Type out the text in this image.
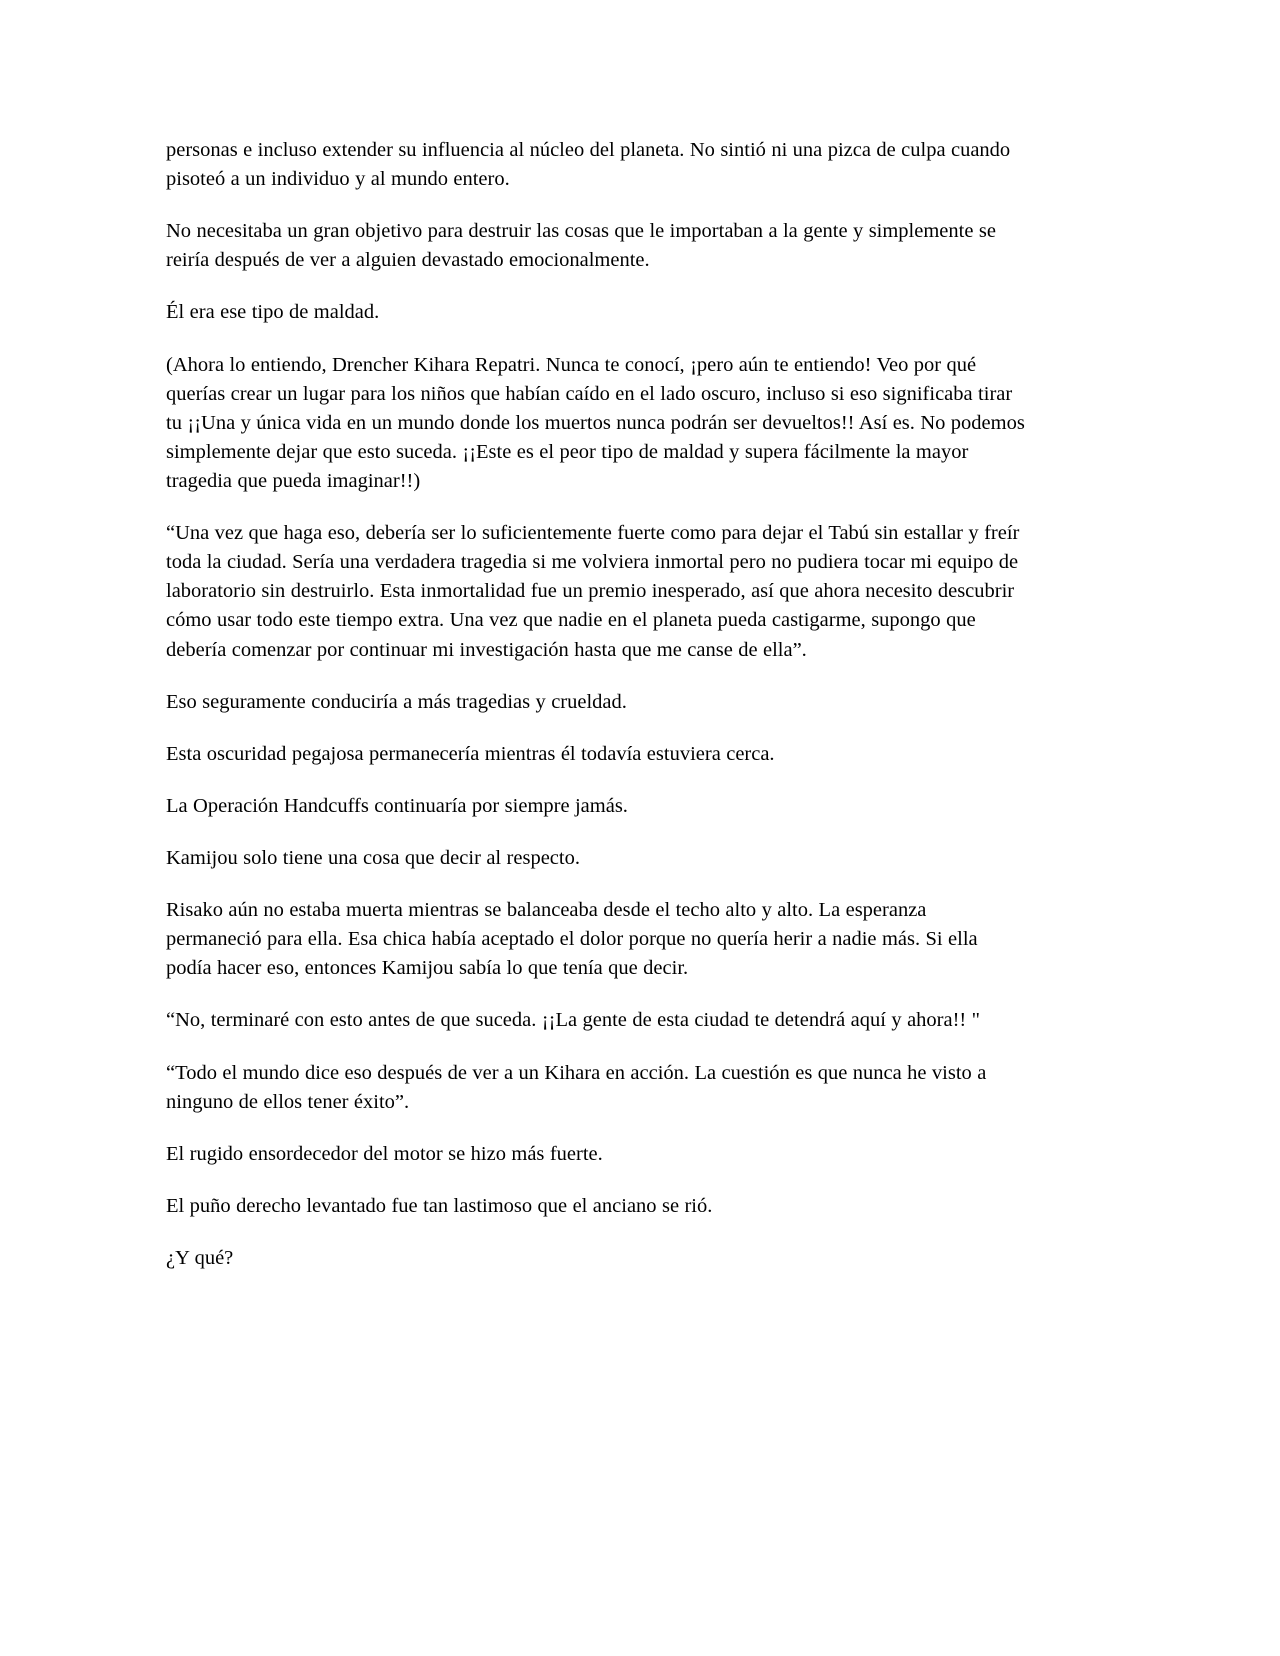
personas e incluso extender su influencia al núcleo del planeta. No sintió ni una pizca de culpa cuando pisoteó a un individuo y al mundo entero.

No necesitaba un gran objetivo para destruir las cosas que le importaban a la gente y simplemente se reiría después de ver a alguien devastado emocionalmente.

Él era ese tipo de maldad.

(Ahora lo entiendo, Drencher Kihara Repatri. Nunca te conocí, ¡pero aún te entiendo! Veo por qué querías crear un lugar para los niños que habían caído en el lado oscuro, incluso si eso significaba tirar tu ¡¡Una y única vida en un mundo donde los muertos nunca podrán ser devueltos!! Así es. No podemos simplemente dejar que esto suceda. ¡¡Este es el peor tipo de maldad y supera fácilmente la mayor tragedia que pueda imaginar!!)

“Una vez que haga eso, debería ser lo suficientemente fuerte como para dejar el Tabú sin estallar y freír toda la ciudad. Sería una verdadera tragedia si me volviera inmortal pero no pudiera tocar mi equipo de laboratorio sin destruirlo. Esta inmortalidad fue un premio inesperado, así que ahora necesito descubrir cómo usar todo este tiempo extra. Una vez que nadie en el planeta pueda castigarme, supongo que debería comenzar por continuar mi investigación hasta que me canse de ella”.

Eso seguramente conduciría a más tragedias y crueldad.

Esta oscuridad pegajosa permanecería mientras él todavía estuviera cerca.

La Operación Handcuffs continuaría por siempre jamás.

Kamijou solo tiene una cosa que decir al respecto.

Risako aún no estaba muerta mientras se balanceaba desde el techo alto y alto. La esperanza permaneció para ella. Esa chica había aceptado el dolor porque no quería herir a nadie más. Si ella podía hacer eso, entonces Kamijou sabía lo que tenía que decir.

“No, terminaré con esto antes de que suceda. ¡¡La gente de esta ciudad te detendrá aquí y ahora!! "

“Todo el mundo dice eso después de ver a un Kihara en acción. La cuestión es que nunca he visto a ninguno de ellos tener éxito”.

El rugido ensordecedor del motor se hizo más fuerte.

El puño derecho levantado fue tan lastimoso que el anciano se rió.

¿Y qué?
